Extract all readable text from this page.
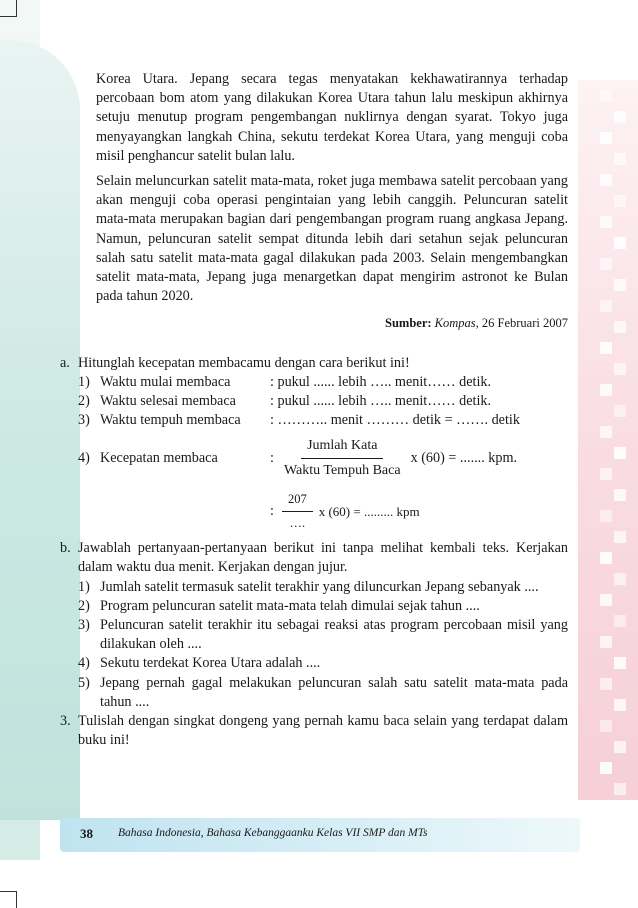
Korea Utara. Jepang secara tegas menyatakan kekhawatirannya terhadap percobaan bom atom yang dilakukan Korea Utara tahun lalu meskipun akhirnya setuju menutup program pengembangan nuklirnya dengan syarat. Tokyo juga menyayangkan langkah China, sekutu terdekat Korea Utara, yang menguji coba misil penghancur satelit bulan lalu.

Selain meluncurkan satelit mata-mata, roket juga membawa satelit percobaan yang akan menguji coba operasi pengintaian yang lebih canggih. Peluncuran satelit mata-mata merupakan bagian dari pengembangan program ruang angkasa Jepang. Namun, peluncuran satelit sempat ditunda lebih dari setahun sejak peluncuran salah satu satelit mata-mata gagal dilakukan pada 2003. Selain mengembangkan satelit mata-mata, Jepang juga menargetkan dapat mengirim astronot ke Bulan pada tahun 2020.

Sumber: Kompas, 26 Februari 2007
a. Hitunglah kecepatan membacamu dengan cara berikut ini!
1) Waktu mulai membaca	: pukul ...... lebih ….. menit…… detik.
2) Waktu selesai membaca	: pukul ...... lebih ….. menit…… detik.
3) Waktu tempuh membaca	: ……….. menit ……… detik = ……. detik
4) Kecepatan membaca	: $\frac{\text{Jumlah Kata}}{\text{Waktu Tempuh Baca}}$ x (60) = ....... kpm.
: $\frac{207}{\dots.}$ x (60) = ......... kpm
b. Jawablah pertanyaan-pertanyaan berikut ini tanpa melihat kembali teks. Kerjakan dalam waktu dua menit. Kerjakan dengan jujur.
1) Jumlah satelit termasuk satelit terakhir yang diluncurkan Jepang sebanyak ....
2) Program peluncuran satelit mata-mata telah dimulai sejak tahun ....
3) Peluncuran satelit terakhir itu sebagai reaksi atas program percobaan misil yang dilakukan oleh ....
4) Sekutu terdekat Korea Utara adalah ....
5) Jepang pernah gagal melakukan peluncuran salah satu satelit mata-mata pada tahun ....
3. Tulislah dengan singkat dongeng yang pernah kamu baca selain yang terdapat dalam buku ini!
38 Bahasa Indonesia, Bahasa Kebanggaanku Kelas VII SMP dan MTs
